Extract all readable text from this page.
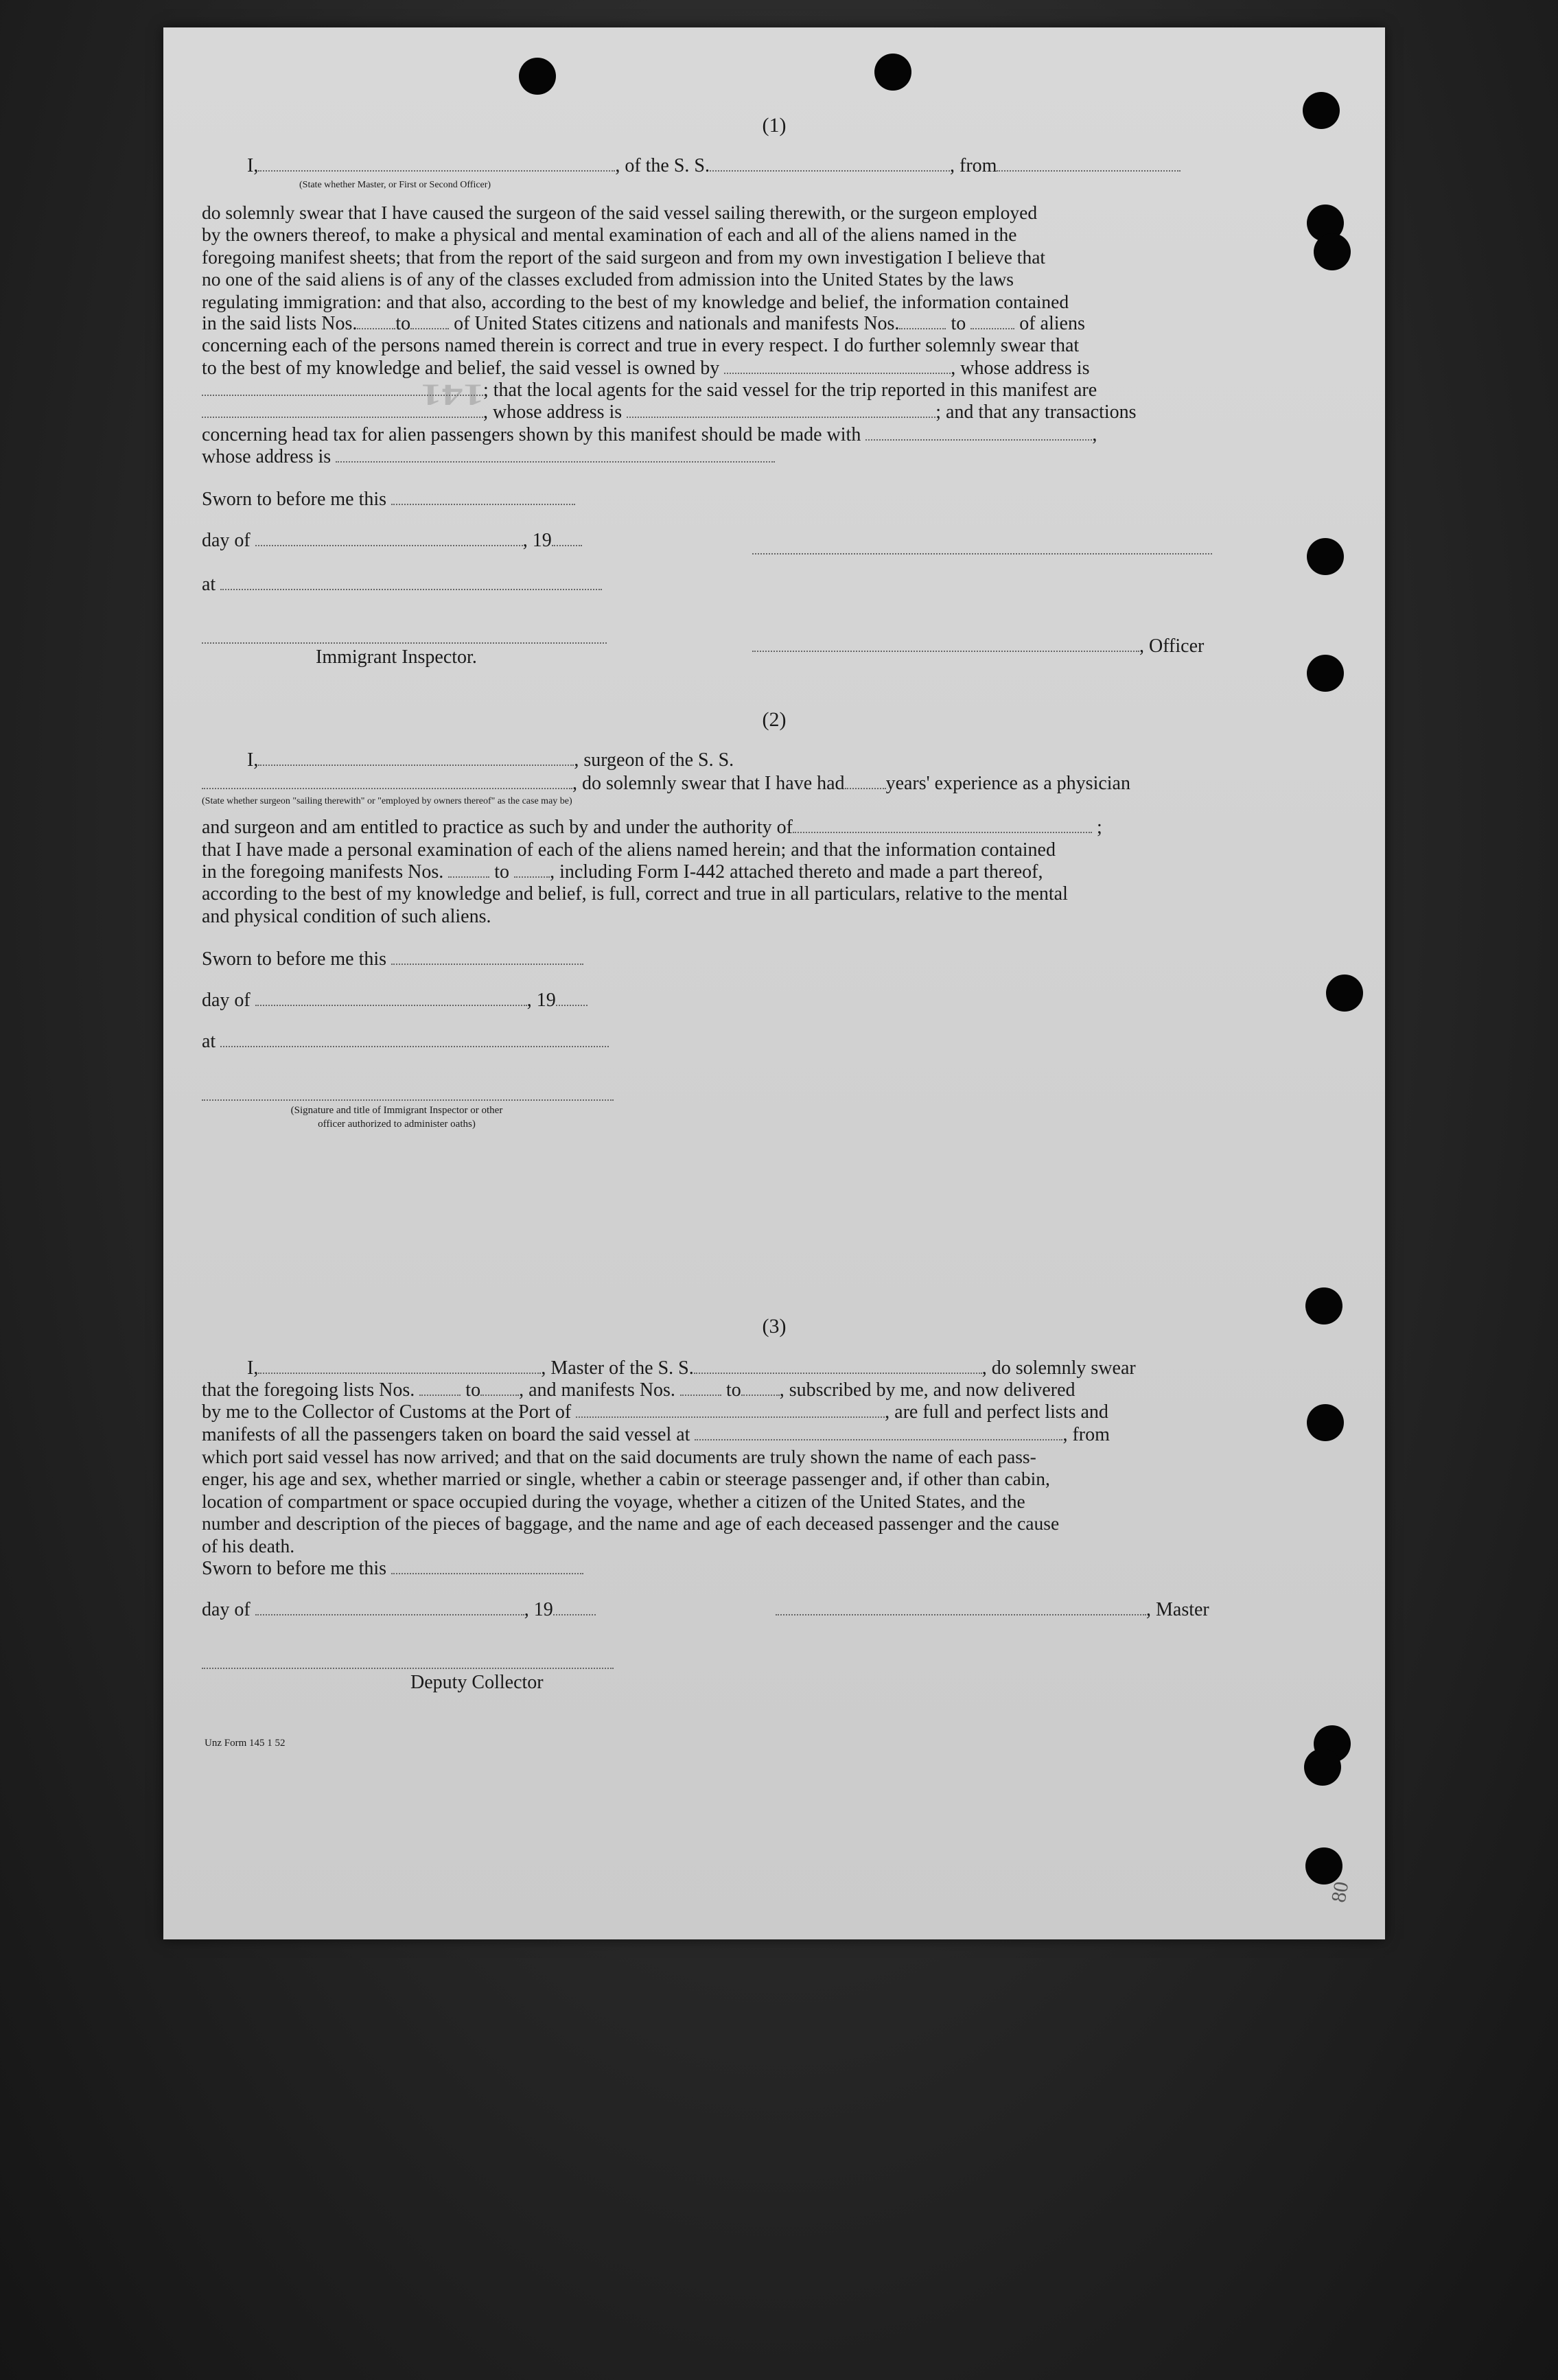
141
80
(1)
I,	, of the S. S.	, from
(State whether Master, or First or Second Officer)

do solemnly swear that I have caused the surgeon of the said vessel sailing therewith, or the surgeon employed

by the owners thereof, to make a physical and mental examination of each and all of the aliens named in the

foregoing manifest sheets; that from the report of the said surgeon and from my own investigation I believe that

no one of the said aliens is of any of the classes excluded from admission into the United States by the laws

regulating immigration: and that also, according to the best of my knowledge and belief, the information contained

in the said lists Nos. to of United States citizens and nationals and manifests Nos.	to	of aliens
concerning each of the persons named therein is correct and true in every respect. I do further solemnly swear that
to the best of my knowledge and belief, the said vessel is owned by	, whose address is
; that the local agents for the said vessel for the trip reported in this manifest are
, whose address is	; and that any transactions
concerning head tax for alien passengers shown by this manifest should be made with	,
whose address is
Sworn to before me this
day of	, 19
at
Immigrant Inspector.
, Officer
(2)
I,	, surgeon of the S. S.
, do solemnly swear that I have had years' experience as a physician
(State whether surgeon "sailing therewith" or "employed by owners thereof" as the case may be)
and surgeon and am entitled to practice as such by and under the authority of	;
that I have made a personal examination of each of the aliens named herein; and that the information contained
in the foregoing manifests Nos.	to , including Form I-442 attached thereto and made a part thereof,
according to the best of my knowledge and belief, is full, correct and true in all particulars, relative to the mental
and physical condition of such aliens.
Sworn to before me this
day of	, 19
at
(Signature and title of Immigrant Inspector or other
officer authorized to administer oaths)

(3)
I,	, Master of the S. S.	, do solemnly swear
that the foregoing lists Nos.	to , and manifests Nos.	to , subscribed by me, and now delivered
by me to the Collector of Customs at the Port of	, are full and perfect lists and
manifests of all the passengers taken on board the said vessel at	, from

which port said vessel has now arrived; and that on the said documents are truly shown the name of each pass-

enger, his age and sex, whether married or single, whether a cabin or steerage passenger and, if other than cabin,

location of compartment or space occupied during the voyage, whether a citizen of the United States, and the

number and description of the pieces of baggage, and the name and age of each deceased passenger and the cause

of his death.

Sworn to before me this
day of	, 19	, Master
Deputy Collector
Unz Form 145 1 52
